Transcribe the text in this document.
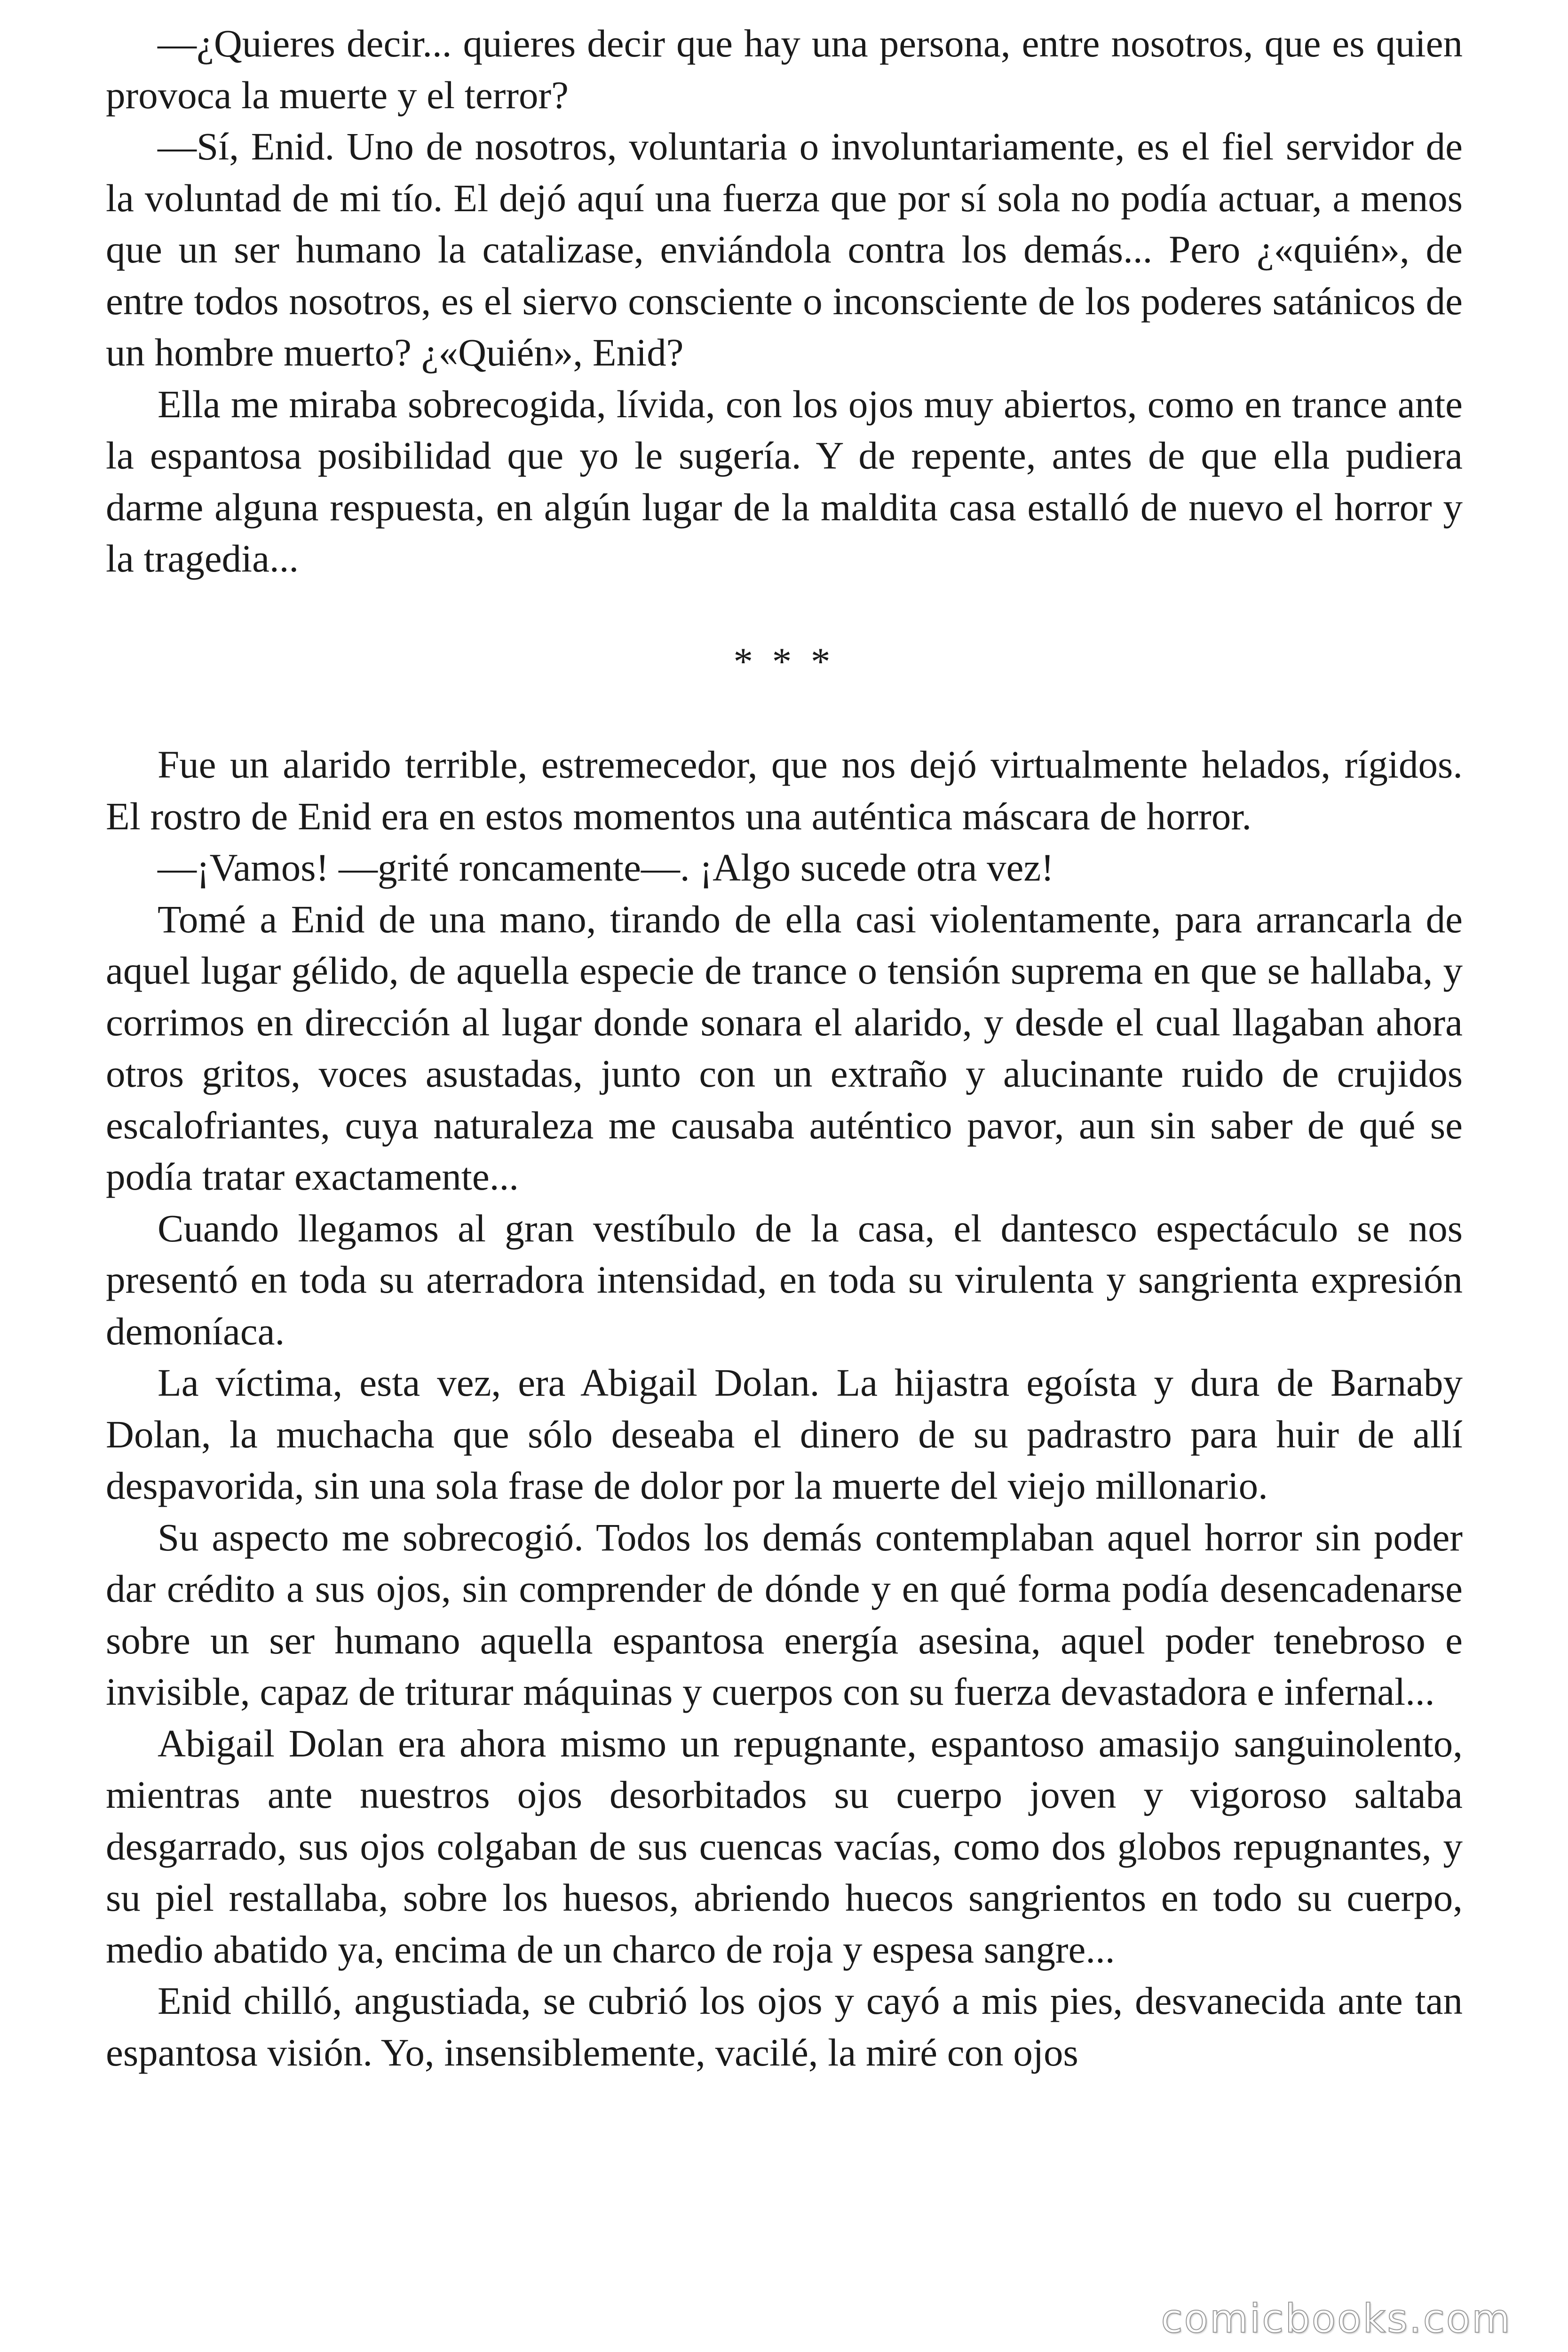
—¿Quieres decir... quieres decir que hay una persona, entre nosotros, que es quien provoca la muerte y el terror?

—Sí, Enid. Uno de nosotros, voluntaria o involuntariamente, es el fiel servidor de la voluntad de mi tío. El dejó aquí una fuerza que por sí sola no podía actuar, a menos que un ser humano la catalizase, enviándola contra los demás... Pero ¿«quién», de entre todos nosotros, es el siervo consciente o inconsciente de los poderes satánicos de un hombre muerto? ¿«Quién», Enid?

Ella me miraba sobrecogida, lívida, con los ojos muy abiertos, como en trance ante la espantosa posibilidad que yo le sugería. Y de repente, antes de que ella pudiera darme alguna respuesta, en algún lugar de la maldita casa estalló de nuevo el horror y la tragedia...

* * *

Fue un alarido terrible, estremecedor, que nos dejó virtualmente helados, rígidos. El rostro de Enid era en estos momentos una auténtica máscara de horror.

—¡Vamos! —grité roncamente—. ¡Algo sucede otra vez!

Tomé a Enid de una mano, tirando de ella casi violentamente, para arrancarla de aquel lugar gélido, de aquella especie de trance o tensión suprema en que se hallaba, y corrimos en dirección al lugar donde sonara el alarido, y desde el cual llagaban ahora otros gritos, voces asustadas, junto con un extraño y alucinante ruido de crujidos escalofriantes, cuya naturaleza me causaba auténtico pavor, aun sin saber de qué se podía tratar exactamente...

Cuando llegamos al gran vestíbulo de la casa, el dantesco espectáculo se nos presentó en toda su aterradora intensidad, en toda su virulenta y sangrienta expresión demoníaca.

La víctima, esta vez, era Abigail Dolan. La hijastra egoísta y dura de Barnaby Dolan, la muchacha que sólo deseaba el dinero de su padrastro para huir de allí despavorida, sin una sola frase de dolor por la muerte del viejo millonario.

Su aspecto me sobrecogió. Todos los demás contemplaban aquel horror sin poder dar crédito a sus ojos, sin comprender de dónde y en qué forma podía desencadenarse sobre un ser humano aquella espantosa energía asesina, aquel poder tenebroso e invisible, capaz de triturar máquinas y cuerpos con su fuerza devastadora e infernal...

Abigail Dolan era ahora mismo un repugnante, espantoso amasijo sanguinolento, mientras ante nuestros ojos desorbitados su cuerpo joven y vigoroso saltaba desgarrado, sus ojos colgaban de sus cuencas vacías, como dos globos repugnantes, y su piel restallaba, sobre los huesos, abriendo huecos sangrientos en todo su cuerpo, medio abatido ya, encima de un charco de roja y espesa sangre...

Enid chilló, angustiada, se cubrió los ojos y cayó a mis pies, desvanecida ante tan espantosa visión. Yo, insensiblemente, vacilé, la miré con ojos

comicbooks.com
